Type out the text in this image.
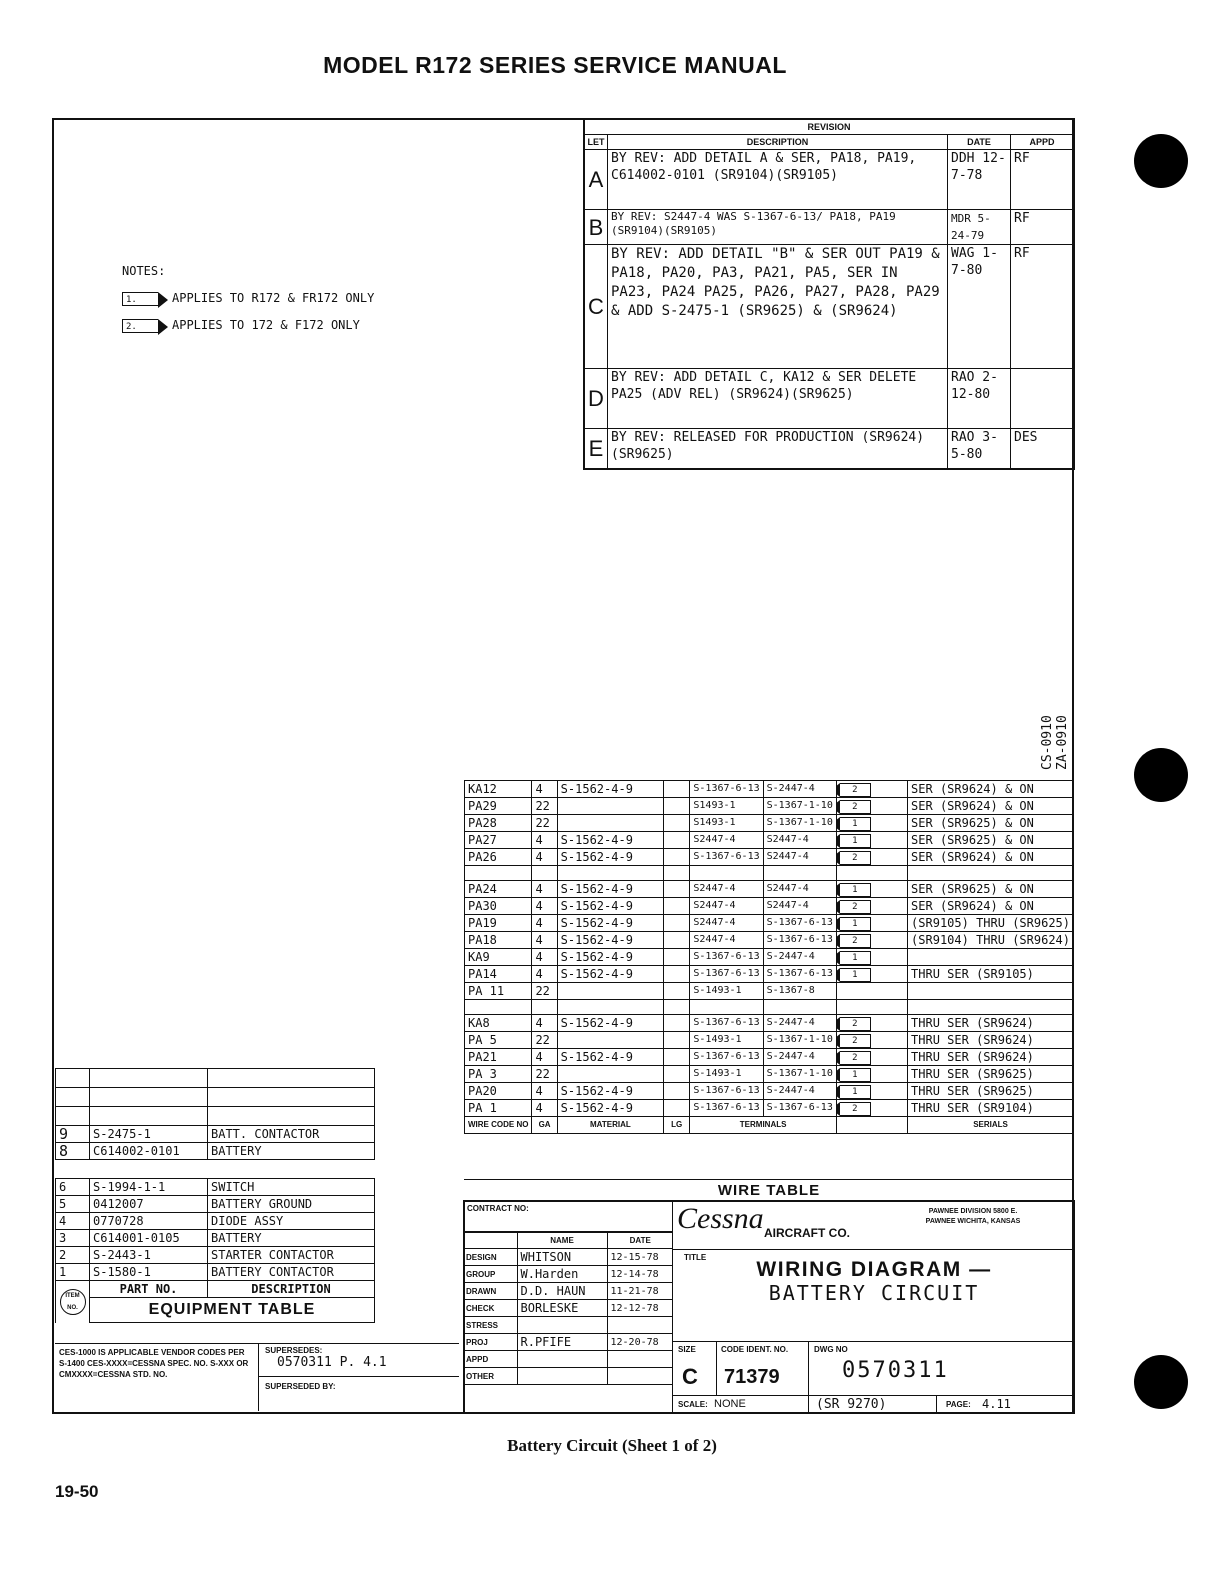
MODEL R172 SERIES SERVICE MANUAL
REVISION			
LET	DESCRIPTION	DATE	APPD
A	BY REV: ADD DETAIL A & SER, PA18, PA19, C614002-0101 (SR9104)(SR9105)	DDH 12-7-78	RF
B	BY REV: S2447-4 WAS S-1367-6-13/ PA18, PA19 (SR9104)(SR9105)	MDR 5-24-79	RF
C	BY REV: ADD DETAIL "B" & SER OUT PA19 & PA18, PA20, PA3, PA21, PA5, SER IN PA23, PA24 PA25, PA26, PA27, PA28, PA29 & ADD S-2475-1 (SR9625) & (SR9624)	WAG 1-7-80	RF
D	BY REV: ADD DETAIL C, KA12 & SER DELETE PA25 (ADV REL) (SR9624)(SR9625)	RAO 2-12-80	
E	BY REV: RELEASED FOR PRODUCTION (SR9624) (SR9625)	RAO 3-5-80	DES
NOTES:
1.	APPLIES TO R172 & FR172 ONLY
2.	APPLIES TO 172 & F172 ONLY
CS-0910 ZA-0910
KA12	4	S-1562-4-9		S-1367-6-13	S-2447-4	2	SER (SR9624) & ON
PA29	22			S1493-1	S-1367-1-10	2	SER (SR9624) & ON
PA28	22			S1493-1	S-1367-1-10	1	SER (SR9625) & ON
PA27	4	S-1562-4-9		S2447-4	S2447-4	1	SER (SR9625) & ON
PA26	4	S-1562-4-9		S-1367-6-13	S2447-4	2	SER (SR9624) & ON

PA24	4	S-1562-4-9		S2447-4	S2447-4	1	SER (SR9625) & ON
PA30	4	S-1562-4-9		S2447-4	S2447-4	2	SER (SR9624) & ON
PA19	4	S-1562-4-9		S2447-4	S-1367-6-13	1	(SR9105) THRU (SR9625)
PA18	4	S-1562-4-9		S2447-4	S-1367-6-13	2	(SR9104) THRU (SR9624)
KA9	4	S-1562-4-9		S-1367-6-13	S-2447-4	1	
PA14	4	S-1562-4-9		S-1367-6-13	S-1367-6-13	1	THRU SER (SR9105)
PA 11	22			S-1493-1	S-1367-8		

KA8	4	S-1562-4-9		S-1367-6-13	S-2447-4	2	THRU SER (SR9624)
PA 5	22			S-1493-1	S-1367-1-10	2	THRU SER (SR9624)
PA21	4	S-1562-4-9		S-1367-6-13	S-2447-4	2	THRU SER (SR9624)
PA 3	22			S-1493-1	S-1367-1-10	1	THRU SER (SR9625)
PA20	4	S-1562-4-9		S-1367-6-13	S-2447-4	1	THRU SER (SR9625)
PA 1	4	S-1562-4-9		S-1367-6-13	S-1367-6-13	2	THRU SER (SR9104)
WIRE CODE NO	GA	MATERIAL	LG	TERMINALS			SERIALS
WIRE TABLE

9	S-2475-1	BATT. CONTACTOR
8	C614002-0101	BATTERY

6	S-1994-1-1	SWITCH
5	0412007	BATTERY GROUND
4	0770728	DIODE ASSY
3	C614001-0105	BATTERY
2	S-2443-1	STARTER CONTACTOR
1	S-1580-1	BATTERY CONTACTOR
ITEM NO.	PART NO.	DESCRIPTION
	EQUIPMENT TABLE	
CES-1000 IS APPLICABLE VENDOR CODES PER S-1400 CES-XXXX=CESSNA SPEC. NO. S-XXX OR CMXXXX=CESSNA STD. NO.
SUPERSEDES:
0570311 P. 4.1
SUPERSEDED BY:
CONTRACT NO:
	NAME	DATE
DESIGN	WHITSON	12-15-78
GROUP	W.Harden	12-14-78
DRAWN	D.D. HAUN	11-21-78
CHECK	BORLESKE	12-12-78
STRESS		
PROJ	R.PFIFE	12-20-78
APPD		
OTHER		
Cessna AIRCRAFT CO.
PAWNEE DIVISION 5800 E. PAWNEE WICHITA, KANSAS
TITLE
WIRING DIAGRAM —
BATTERY CIRCUIT
SIZE
C
CODE IDENT. NO.
71379
DWG NO
0570311
SCALE: NONE	(SR 9270)	PAGE: 4.11
Battery Circuit (Sheet 1 of 2)
19-50
